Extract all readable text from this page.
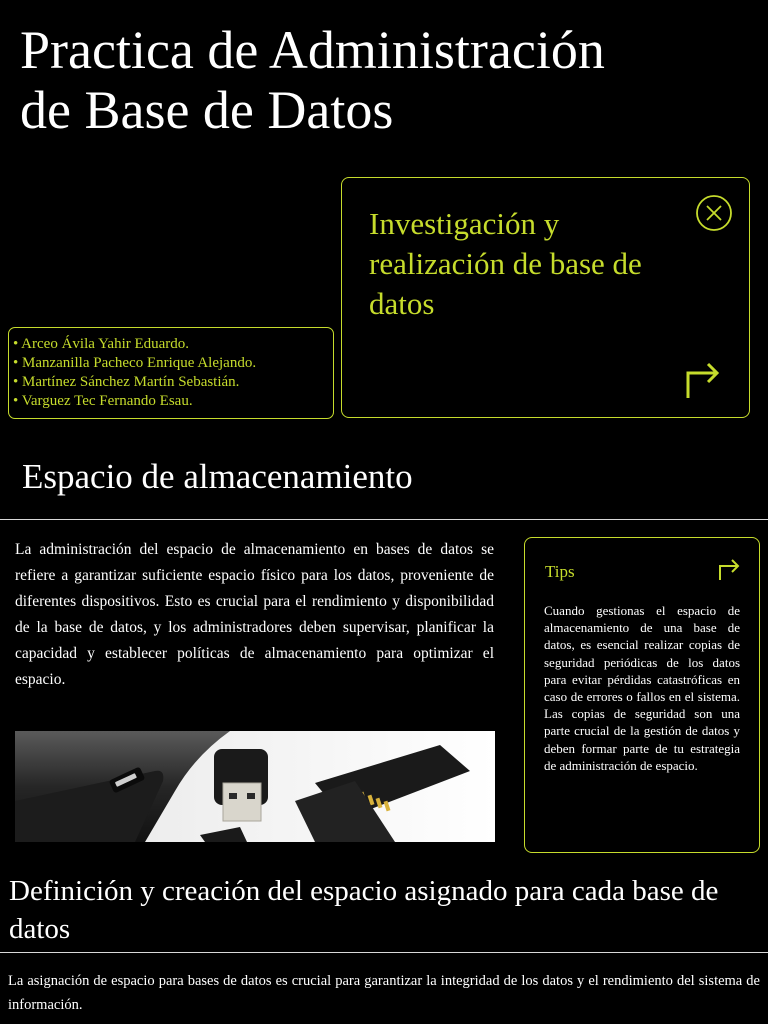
Practica de Administración
de Base de Datos
Investigación y realización de base de datos
• Arceo Ávila Yahir Eduardo.
• Manzanilla Pacheco Enrique Alejando.
• Martínez Sánchez Martín Sebastián.
• Varguez Tec Fernando Esau.
Espacio de almacenamiento
La administración del espacio de almacenamiento en bases de datos se refiere a garantizar suficiente espacio físico para los datos, proveniente de diferentes dispositivos. Esto es crucial para el rendimiento y disponibilidad de la base de datos, y los administradores deben supervisar, planificar la capacidad y establecer políticas de almacenamiento para optimizar el espacio.
Tips
Cuando gestionas el espacio de almacenamiento de una base de datos, es esencial realizar copias de seguridad periódicas de los datos para evitar pérdidas catastróficas en caso de errores o fallos en el sistema. Las copias de seguridad son una parte crucial de la gestión de datos y deben formar parte de tu estrategia de administración de espacio.
Definición y creación del espacio asignado para cada base de datos
La asignación de espacio para bases de datos es crucial para garantizar la integridad de los datos y el rendimiento del sistema de información.
